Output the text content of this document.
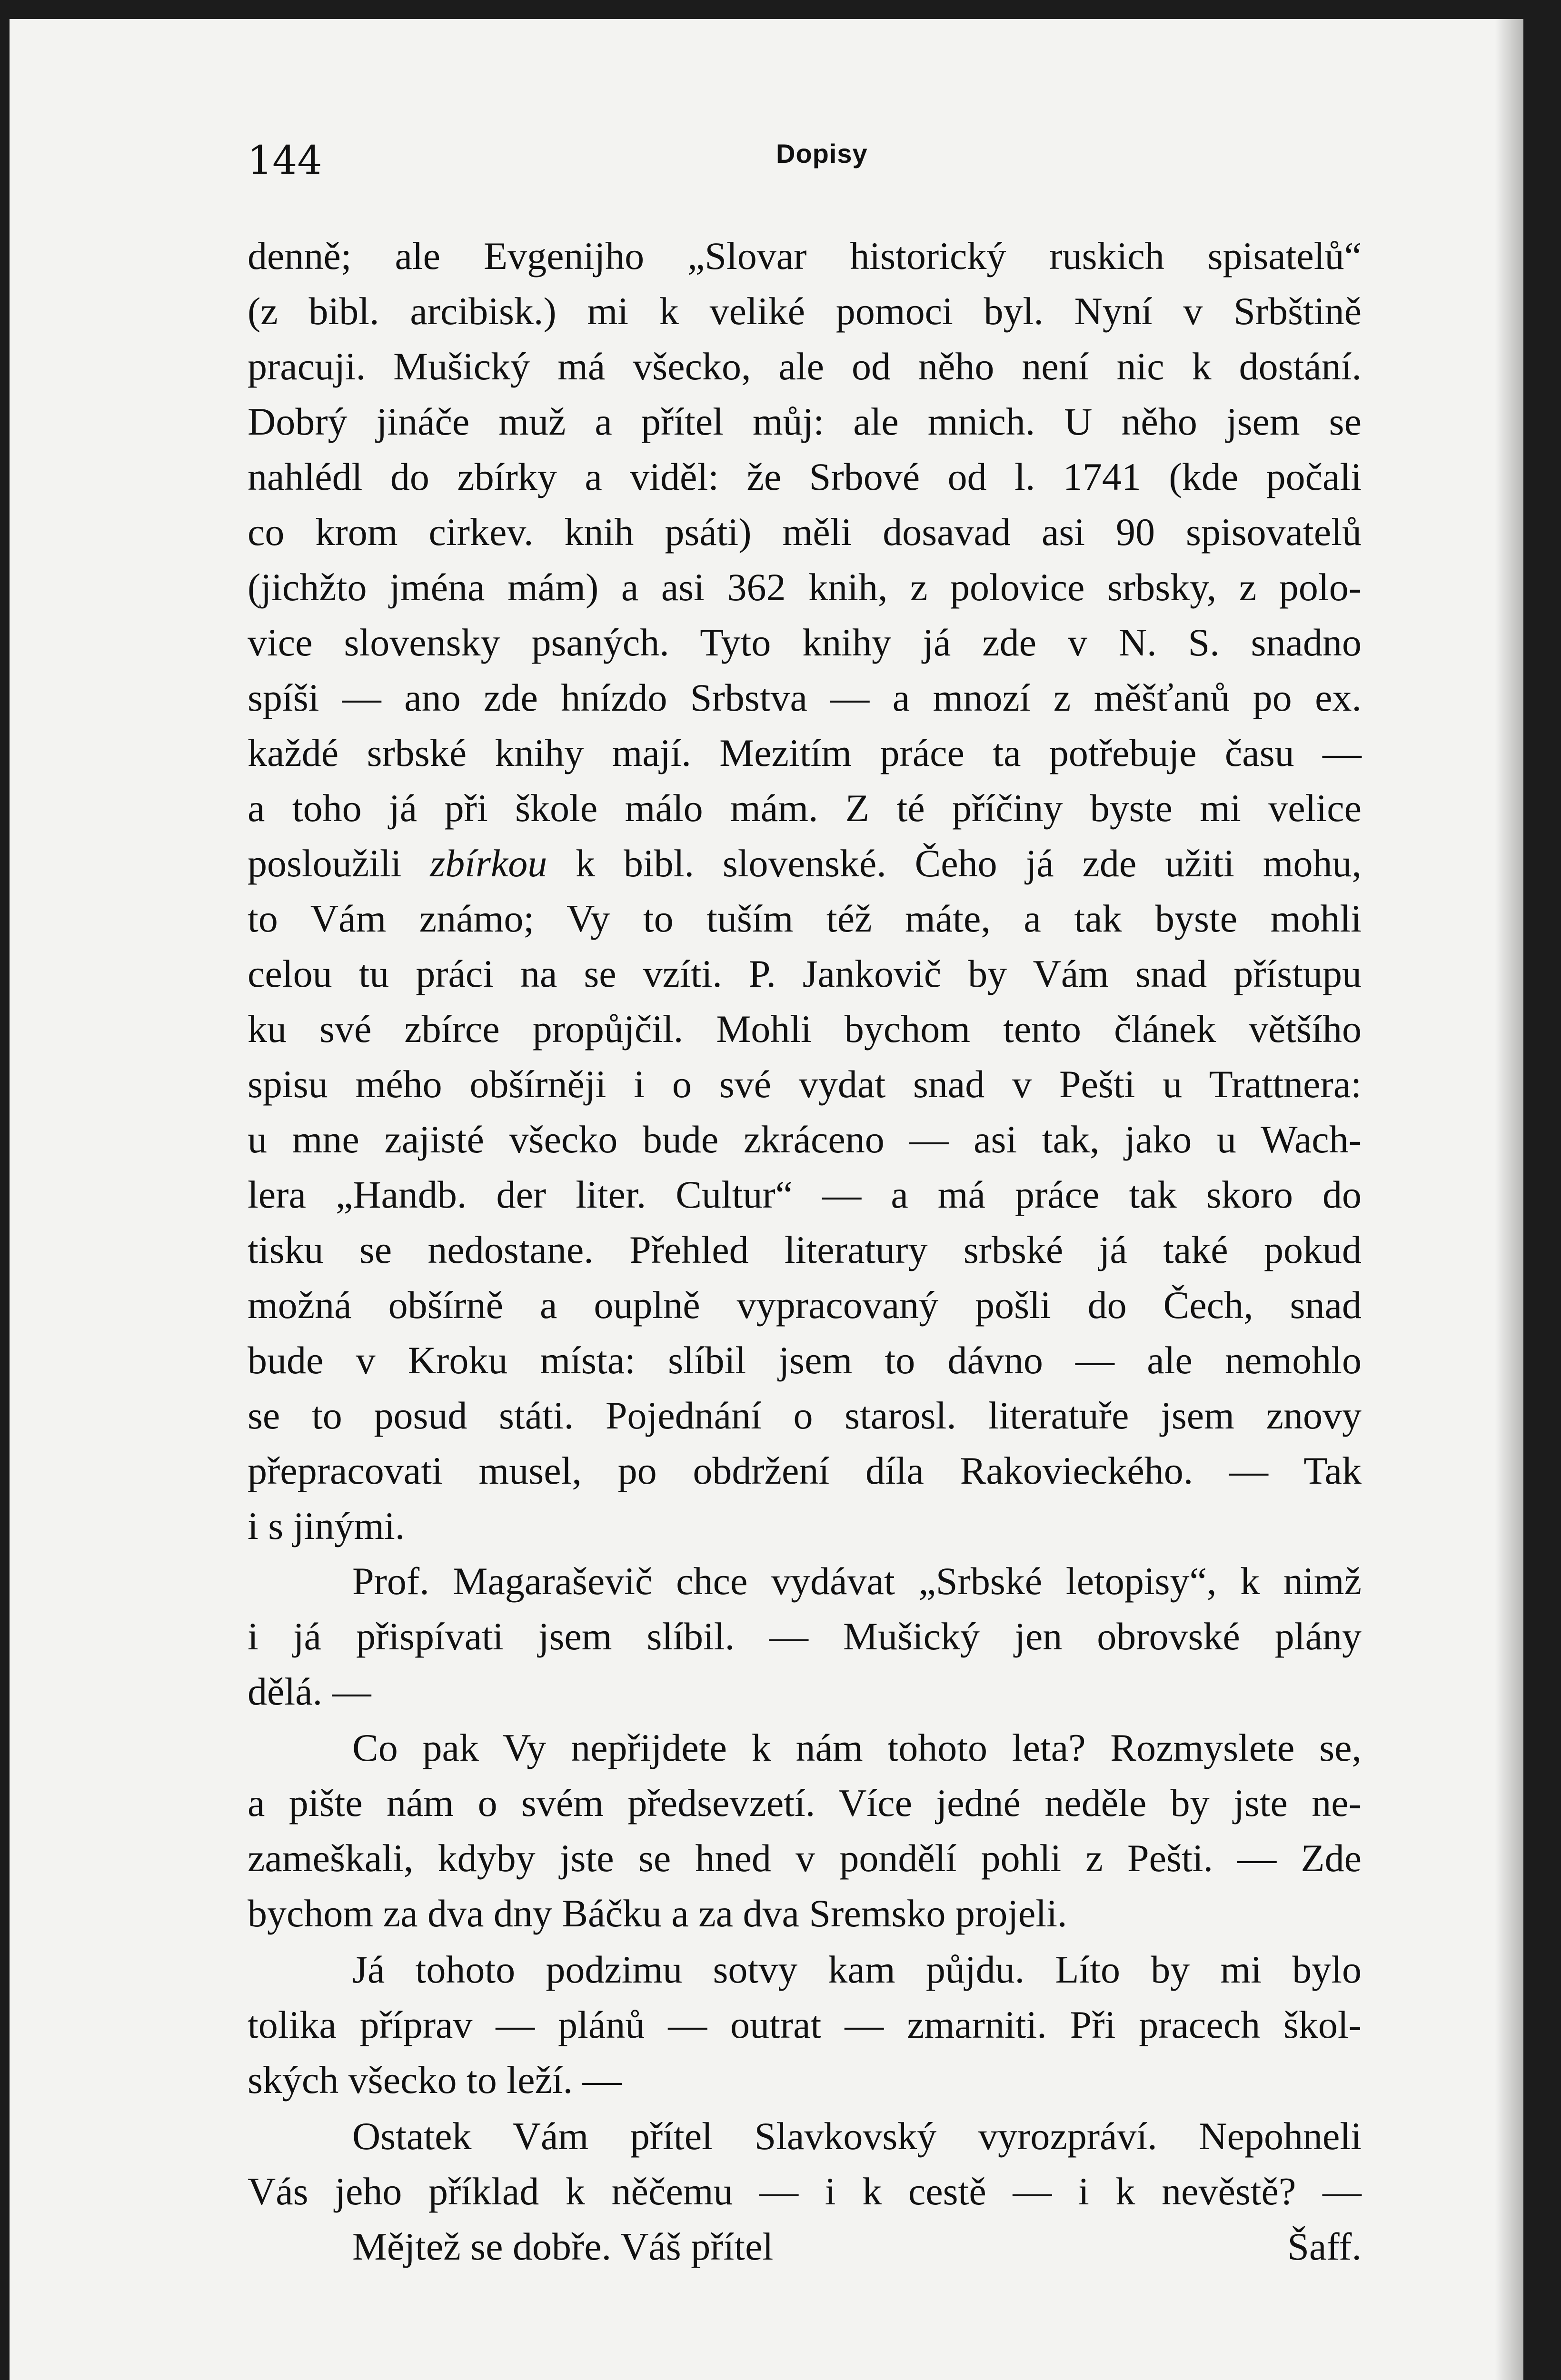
144	Dopisy
denně; ale Evgenijho „Slovar historický ruskich spisatelů“
(z bibl. arcibisk.) mi k veliké pomoci byl. Nyní v Srbštině
pracuji. Mušický má všecko, ale od něho není nic k dostání.
Dobrý jináče muž a přítel můj: ale mnich. U něho jsem se
nahlédl do zbírky a viděl: že Srbové od l. 1741 (kde počali
co krom cirkev. knih psáti) měli dosavad asi 90 spisovatelů
(jichžto jména mám) a asi 362 knih, z polovice srbsky, z polo-
vice slovensky psaných. Tyto knihy já zde v N. S. snadno
spíši — ano zde hnízdo Srbstva — a mnozí z měšťanů po ex.
každé srbské knihy mají. Mezitím práce ta potřebuje času —
a toho já při škole málo mám. Z té příčiny byste mi velice
posloužili zbírkou k bibl. slovenské. Čeho já zde užiti mohu,
to Vám známo; Vy to tuším též máte, a tak byste mohli
celou tu práci na se vzíti. P. Jankovič by Vám snad přístupu
ku své zbírce propůjčil. Mohli bychom tento článek většího
spisu mého obšírněji i o své vydat snad v Pešti u Trattnera:
u mne zajisté všecko bude zkráceno — asi tak, jako u Wach-
lera „Handb. der liter. Cultur“ — a má práce tak skoro do
tisku se nedostane. Přehled literatury srbské já také pokud
možná obšírně a ouplně vypracovaný pošli do Čech, snad
bude v Kroku místa: slíbil jsem to dávno — ale nemohlo
se to posud státi. Pojednání o starosl. literatuře jsem znovy
přepracovati musel, po obdržení díla Rakovieckého. — Tak
i s jinými.
Prof. Magaraševič chce vydávat „Srbské letopisy“, k nimž
i já přispívati jsem slíbil. — Mušický jen obrovské plány
dělá. —
Co pak Vy nepřijdete k nám tohoto leta? Rozmyslete se,
a pište nám o svém předsevzetí. Více jedné neděle by jste ne-
zameškali, kdyby jste se hned v pondělí pohli z Pešti. — Zde
bychom za dva dny Báčku a za dva Sremsko projeli.
Já tohoto podzimu sotvy kam půjdu. Líto by mi bylo
tolika příprav — plánů — outrat — zmarniti. Při pracech škol-
ských všecko to leží. —
Ostatek Vám přítel Slavkovský vyrozpráví. Nepohneli
Vás jeho příklad k něčemu — i k cestě — i k nevěstě? —
Mějtež se dobře. Váš přítel	Šaff.
